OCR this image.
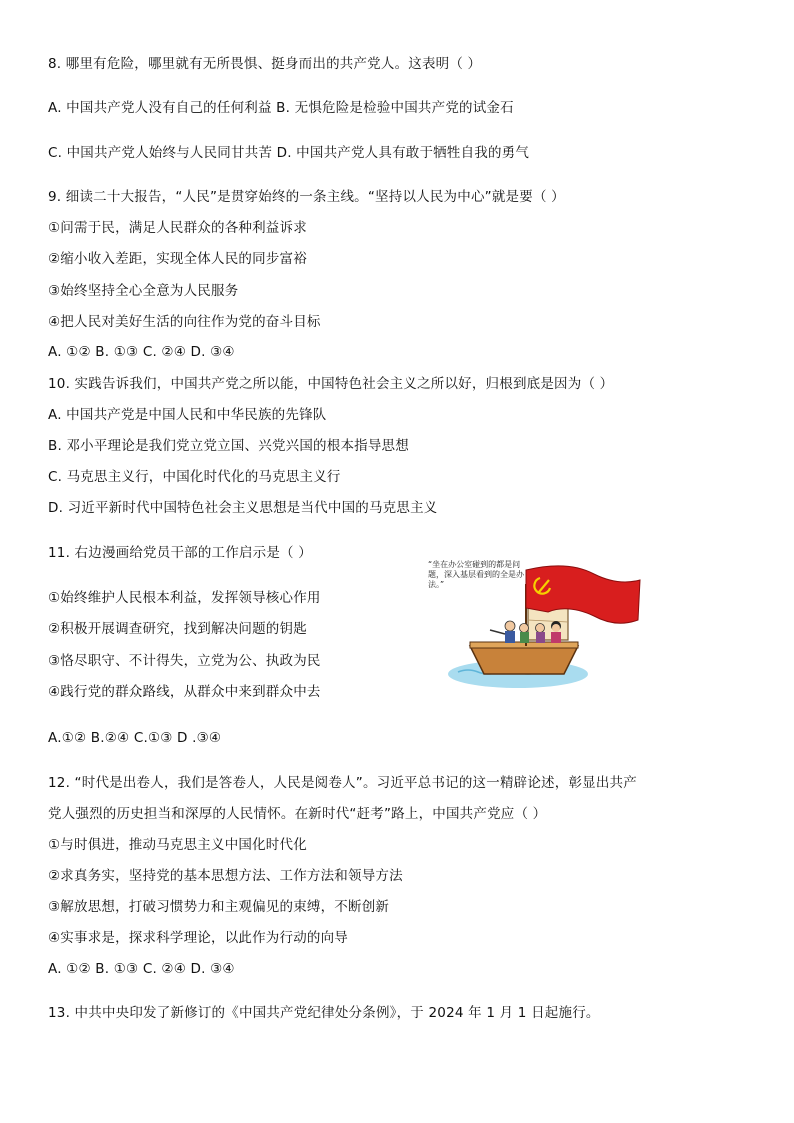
8. 哪里有危险，哪里就有无所畏惧、挺身而出的共产党人。这表明（ ）
A. 中国共产党人没有自己的任何利益 B. 无惧危险是检验中国共产党的试金石
C. 中国共产党人始终与人民同甘共苦 D. 中国共产党人具有敢于牺牲自我的勇气
9. 细读二十大报告，“人民”是贯穿始终的一条主线。“坚持以人民为中心”就是要（ ）
①问需于民，满足人民群众的各种利益诉求
②缩小收入差距，实现全体人民的同步富裕
③始终坚持全心全意为人民服务
④把人民对美好生活的向往作为党的奋斗目标
A. ①② B. ①③ C. ②④ D. ③④
10. 实践告诉我们，中国共产党之所以能，中国特色社会主义之所以好，归根到底是因为（ ）
A. 中国共产党是中国人民和中华民族的先锋队
B. 邓小平理论是我们党立党立国、兴党兴国的根本指导思想
C. 马克思主义行，中国化时代化的马克思主义行
D. 习近平新时代中国特色社会主义思想是当代中国的马克思主义
11. 右边漫画给党员干部的工作启示是（ ）
①始终维护人民根本利益，发挥领导核心作用
②积极开展调查研究，找到解决问题的钥匙
③恪尽职守、不计得失，立党为公、执政为民
④践行党的群众路线，从群众中来到群众中去
A.①② B.②④ C.①③ D .③④
“坐在办公室碰到的都是问题，深入基层看到的全是办法。”
12. “时代是出卷人，我们是答卷人，人民是阅卷人”。习近平总书记的这一精辟论述，彰显出共产
党人强烈的历史担当和深厚的人民情怀。在新时代“赶考”路上，中国共产党应（ ）
①与时俱进，推动马克思主义中国化时代化
②求真务实，坚持党的基本思想方法、工作方法和领导方法
③解放思想，打破习惯势力和主观偏见的束缚，不断创新
④实事求是，探求科学理论，以此作为行动的向导
A. ①② B. ①③ C. ②④ D. ③④
13. 中共中央印发了新修订的《中国共产党纪律处分条例》，于 2024 年 1 月 1 日起施行。
